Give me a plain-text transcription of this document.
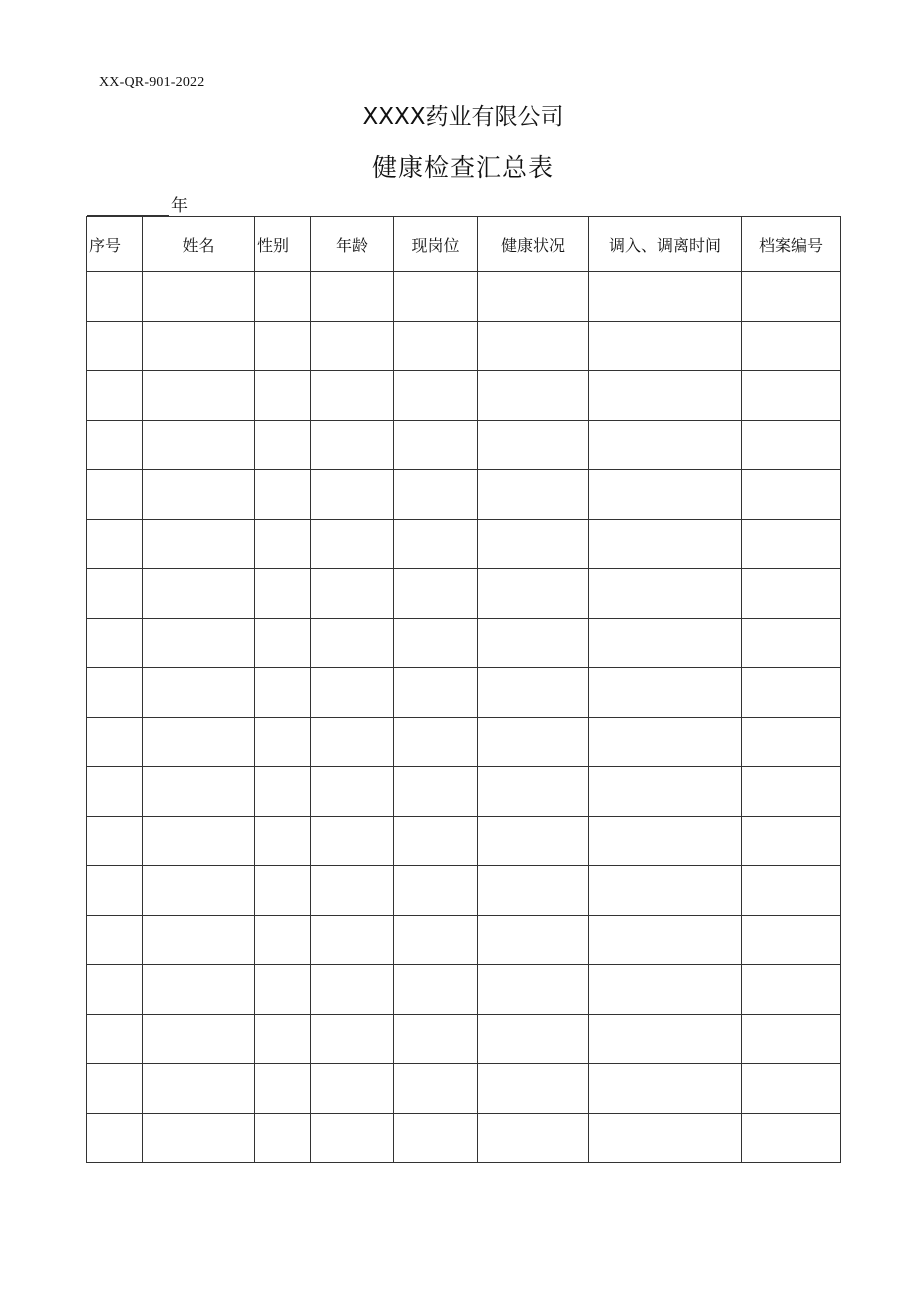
XX-QR-901-2022
XXXX药业有限公司
健康检查汇总表
年
序号	姓名	性别	年龄	现岗位	健康状况	调入、调离时间	档案编号
